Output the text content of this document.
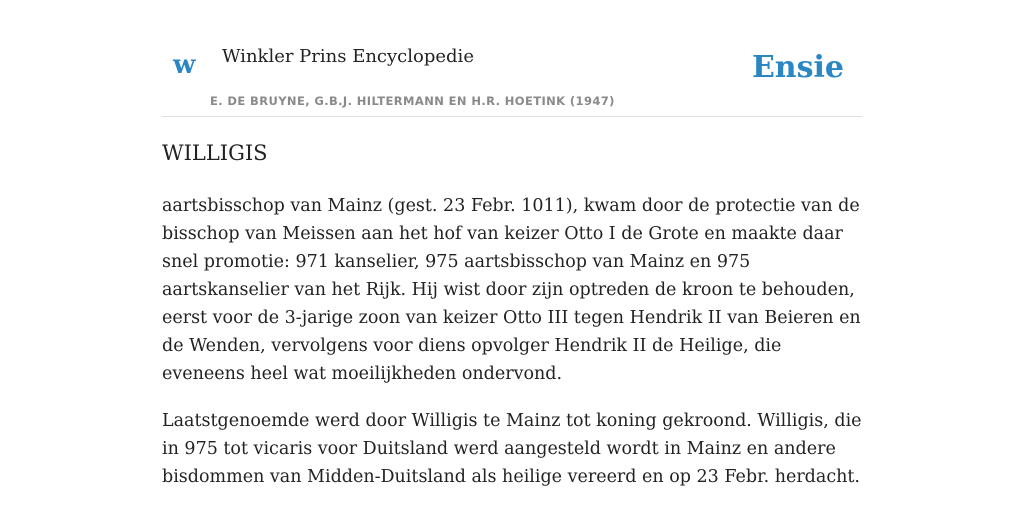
w Winkler Prins Encyclopedie
E. DE BRUYNE, G.B.J. HILTERMANN EN H.R. HOETINK (1947)
Ensie
WILLIGIS

aartsbisschop van Mainz (gest. 23 Febr. 1011), kwam door de protectie van de bisschop van Meissen aan het hof van keizer Otto I de Grote en maakte daar snel promotie: 971 kanselier, 975 aartsbisschop van Mainz en 975 aartskanselier van het Rijk. Hij wist door zijn optreden de kroon te behouden, eerst voor de 3-jarige zoon van keizer Otto III tegen Hendrik II van Beieren en de Wenden, vervolgens voor diens opvolger Hendrik II de Heilige, die eveneens heel wat moeilijkheden ondervond.

Laatstgenoemde werd door Willigis te Mainz tot koning gekroond. Willigis, die in 975 tot vicaris voor Duitsland werd aangesteld wordt in Mainz en andere bisdommen van Midden-Duitsland als heilige vereerd en op 23 Febr. herdacht.
